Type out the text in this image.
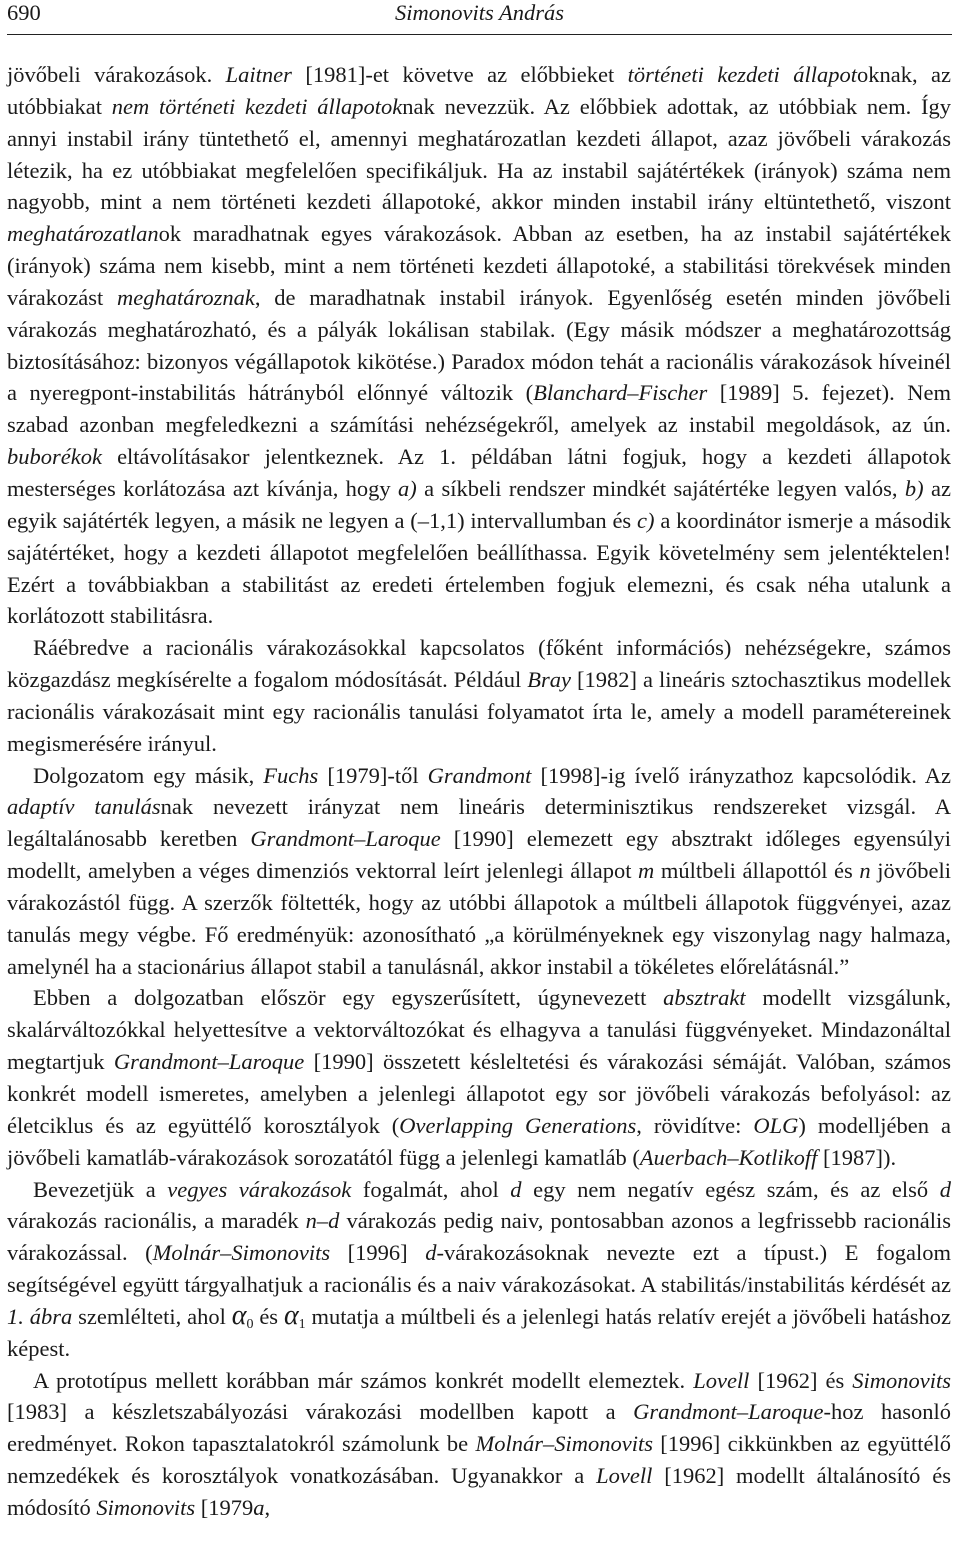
690	Simonovits András

jövőbeli várakozások. Laitner [1981]-et követve az előbbieket történeti kezdeti állapotoknak, az utóbbiakat nem történeti kezdeti állapotoknak nevezzük. Az előbbiek adottak, az utóbbiak nem. Így annyi instabil irány tüntethető el, amennyi meghatározatlan kezdeti állapot, azaz jövőbeli várakozás létezik, ha ez utóbbiakat megfelelően specifikáljuk. Ha az instabil sajátértékek (irányok) száma nem nagyobb, mint a nem történeti kezdeti állapotoké, akkor minden instabil irány eltüntethető, viszont meghatározatlanok maradhatnak egyes várakozások. Abban az esetben, ha az instabil sajátértékek (irányok) száma nem kisebb, mint a nem történeti kezdeti állapotoké, a stabilitási törekvések minden várakozást meghatároznak, de maradhatnak instabil irányok. Egyenlőség esetén minden jövőbeli várakozás meghatározható, és a pályák lokálisan stabilak. (Egy másik módszer a meghatározottság biztosításához: bizonyos végállapotok kikötése.) Paradox módon tehát a racionális várakozások híveinél a nyeregpont-instabilitás hátrányból előnnyé változik (Blanchard–Fischer [1989] 5. fejezet). Nem szabad azonban megfeledkezni a számítási nehézségekről, amelyek az instabil megoldások, az ún. buborékok eltávolításakor jelentkeznek. Az 1. példában látni fogjuk, hogy a kezdeti állapotok mesterséges korlátozása azt kívánja, hogy a) a síkbeli rendszer mindkét sajátértéke legyen valós, b) az egyik sajátérték legyen, a másik ne legyen a (–1,1) intervallumban és c) a koordinátor ismerje a második sajátértéket, hogy a kezdeti állapotot megfelelően beállíthassa. Egyik követelmény sem jelentéktelen! Ezért a továbbiakban a stabilitást az eredeti értelemben fogjuk elemezni, és csak néha utalunk a korlátozott stabilitásra.

Ráébredve a racionális várakozásokkal kapcsolatos (főként információs) nehézségekre, számos közgazdász megkísérelte a fogalom módosítását. Például Bray [1982] a lineáris sztochasztikus modellek racionális várakozásait mint egy racionális tanulási folyamatot írta le, amely a modell paramétereinek megismerésére irányul.

Dolgozatom egy másik, Fuchs [1979]-től Grandmont [1998]-ig ívelő irányzathoz kapcsolódik. Az adaptív tanulásnak nevezett irányzat nem lineáris determinisztikus rendszereket vizsgál. A legáltalánosabb keretben Grandmont–Laroque [1990] elemezett egy absztrakt időleges egyensúlyi modellt, amelyben a véges dimenziós vektorral leírt jelenlegi állapot m múltbeli állapottól és n jövőbeli várakozástól függ. A szerzők föltették, hogy az utóbbi állapotok a múltbeli állapotok függvényei, azaz tanulás megy végbe. Fő eredményük: azonosítható „a körülményeknek egy viszonylag nagy halmaza, amelynél ha a stacionárius állapot stabil a tanulásnál, akkor instabil a tökéletes előrelátásnál.”

Ebben a dolgozatban először egy egyszerűsített, úgynevezett absztrakt modellt vizsgálunk, skalárváltozókkal helyettesítve a vektorváltozókat és elhagyva a tanulási függvényeket. Mindazonáltal megtartjuk Grandmont–Laroque [1990] összetett késleltetési és várakozási sémáját. Valóban, számos konkrét modell ismeretes, amelyben a jelenlegi állapotot egy sor jövőbeli várakozás befolyásol: az életciklus és az együttélő korosztályok (Overlapping Generations, rövidítve: OLG) modelljében a jövőbeli kamatláb-várakozások sorozatától függ a jelenlegi kamatláb (Auerbach–Kotlikoff [1987]).

Bevezetjük a vegyes várakozások fogalmát, ahol d egy nem negatív egész szám, és az első d várakozás racionális, a maradék n–d várakozás pedig naiv, pontosabban azonos a legfrissebb racionális várakozással. (Molnár–Simonovits [1996] d-várakozásoknak nevezte ezt a típust.) E fogalom segítségével együtt tárgyalhatjuk a racionális és a naiv várakozásokat. A stabilitás/instabilitás kérdését az 1. ábra szemlélteti, ahol $\alpha_0$ és $\alpha_1$ mutatja a múltbeli és a jelenlegi hatás relatív erejét a jövőbeli hatáshoz képest.

A prototípus mellett korábban már számos konkrét modellt elemeztek. Lovell [1962] és Simonovits [1983] a készletszabályozási várakozási modellben kapott a Grandmont–Laroque-hoz hasonló eredményet. Rokon tapasztalatokról számolunk be Molnár–Simonovits [1996] cikkünkben az együttélő nemzedékek és korosztályok vonatkozásában. Ugyanakkor a Lovell [1962] modellt általánosító és módosító Simonovits [1979a,
